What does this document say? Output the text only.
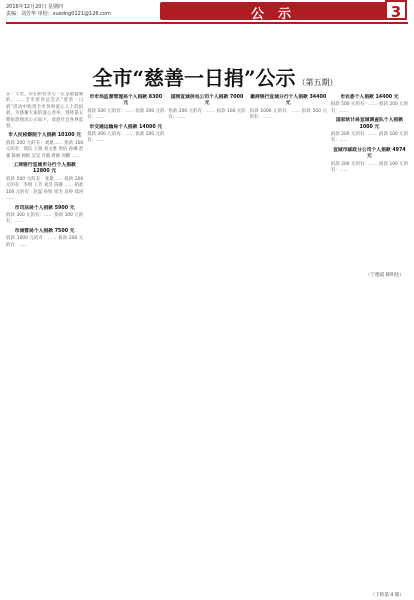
2016年12月20日 星期四
责编：刘芳华 审校：xuedng0121@126.com	公示	3
全市“慈善一日捐”公示 （第五期）

在一天里，你们的慈善心一定是最温暖的。……全市慈善总会在“慈善一日捐”活动中收到全市各界爱心人士的捐款，为感谢大家的爱心善举，现将第五期捐款情况公示如下，欢迎社会各界监督。

市人民检察院个人捐款 10100 元

捐款 200 元的有：刘建…… 捐款 100 元的有：郑洁 王锐 刘文胜 周洁 孙琳 赵强 陈丽 杨帆 吴昊 许敏 唐静 何鹏 ……

工商银行宣城市分行个人捐款 12800 元

捐款 500 元的有：张建…… 捐款 200 元的有：李明 王芳 刘洋 陈静 …… 捐款 100 元的有：赵磊 孙悦 周杰 吴婷 郑涛 ……

市司法局个人捐款 5900 元

捐款 300 元的有：…… 捐款 100 元的有：……

市城管局个人捐款 7500 元

捐款 1000 元的有：…… 捐款 200 元的有：……

市市场监督管理局个人捐款 8300 元

捐款 500 元的有：…… 捐款 200 元的有：……

市交通运输局个人捐款 14000 元

捐款 300 元的有：…… 捐款 200 元的有：……

国网宣城供电公司个人捐款 7000 元

捐款 200 元的有：…… 捐款 100 元的有：……

徽商银行宣城分行个人捐款 34400 元

捐款 1000 元的有：…… 捐款 500 元的有：……

市农委个人捐款 14400 元

捐款 500 元的有：…… 捐款 200 元的有：……

国家统计局宣城调查队个人捐款 1000 元

捐款 200 元的有：…… 捐款 100 元的有：……

宣城市邮政分公司个人捐款 4974 元

捐款 200 元的有：…… 捐款 100 元的有：……

（宁德道 韩明达）
（下转第 4 版）
